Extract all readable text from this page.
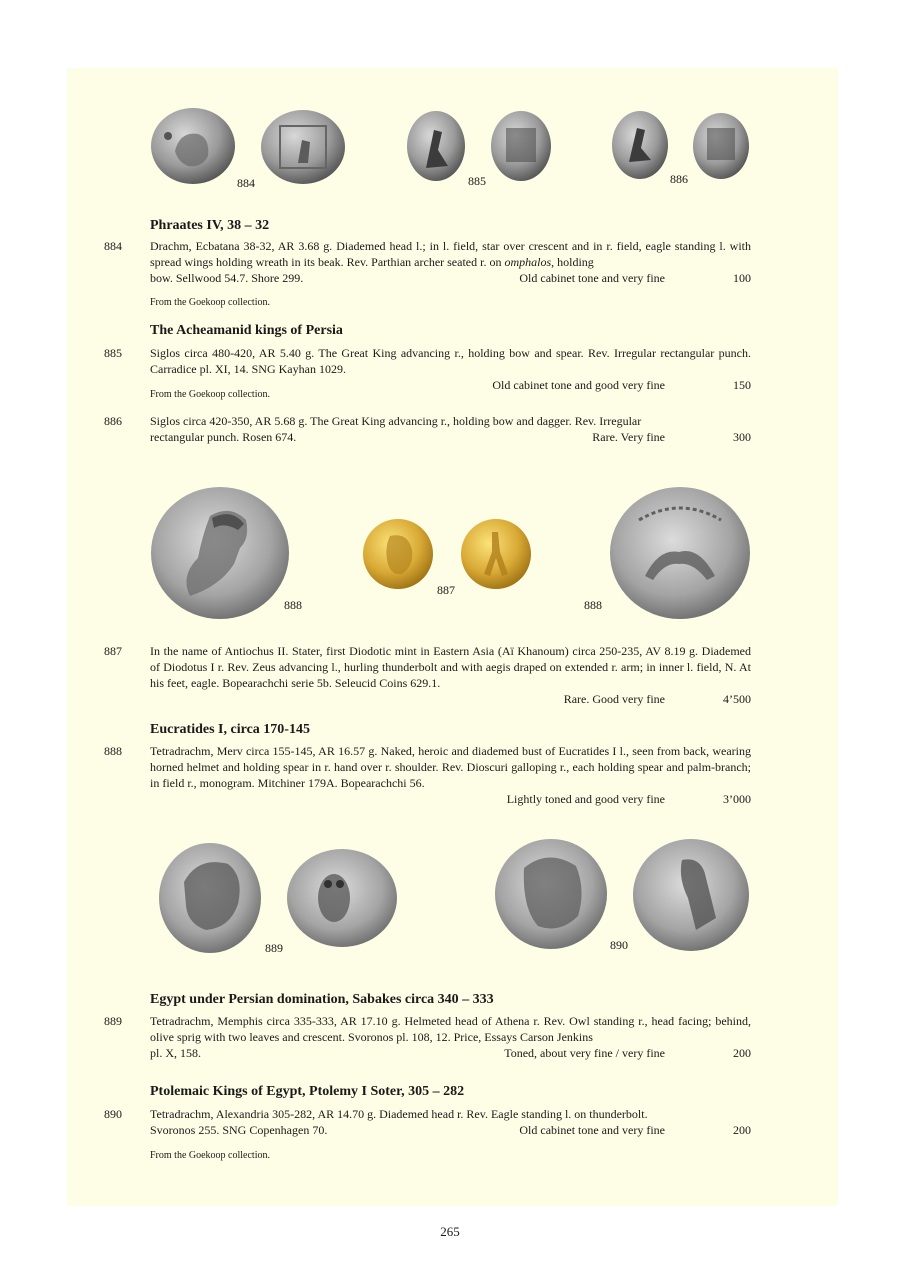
884	885	886
Phraates IV, 38 – 32
884 Drachm, Ecbatana 38-32, AR 3.68 g. Diademed head l.; in l. field, star over crescent and in r. field, eagle standing l. with spread wings holding wreath in its beak. Rev. Parthian archer seated r. on omphalos, holding
bow. Sellwood 54.7. Shore 299.	Old cabinet tone and very fine	100
From the Goekoop collection.
The Acheamanid kings of Persia
885 Siglos circa 480-420, AR 5.40 g. The Great King advancing r., holding bow and spear. Rev. Irregular rectangular punch. Carradice pl. XI, 14. SNG Kayhan 1029.
Old cabinet tone and good very fine	150
From the Goekoop collection.
886 Siglos circa 420-350, AR 5.68 g. The Great King advancing r., holding bow and dagger. Rev. Irregular
rectangular punch. Rosen 674.	Rare. Very fine	300
888
887
888
887 In the name of Antiochus II. Stater, first Diodotic mint in Eastern Asia (Aï Khanoum) circa 250-235, AV 8.19 g. Diademed of Diodotus I r. Rev. Zeus advancing l., hurling thunderbolt and with aegis draped on extended r. arm; in inner l. field, N. At his feet, eagle. Bopearachchi serie 5b. Seleucid Coins 629.1.
Rare. Good very fine	4’500
Eucratides I, circa 170-145
888 Tetradrachm, Merv circa 155-145, AR 16.57 g. Naked, heroic and diademed bust of Eucratides I l., seen from back, wearing horned helmet and holding spear in r. hand over r. shoulder. Rev. Dioscuri galloping r., each holding spear and palm-branch; in field r., monogram. Mitchiner 179A. Bopearachchi 56.
Lightly toned and good very fine	3’000
889	890
Egypt under Persian domination, Sabakes circa 340 – 333
889 Tetradrachm, Memphis circa 335-333, AR 17.10 g. Helmeted head of Athena r. Rev. Owl standing r., head facing; behind, olive sprig with two leaves and crescent. Svoronos pl. 108, 12. Price, Essays Carson Jenkins
pl. X, 158.	Toned, about very fine / very fine	200
Ptolemaic Kings of Egypt, Ptolemy I Soter, 305 – 282
890 Tetradrachm, Alexandria 305-282, AR 14.70 g. Diademed head r. Rev. Eagle standing l. on thunderbolt.
Svoronos 255. SNG Copenhagen 70.	Old cabinet tone and very fine	200
From the Goekoop collection.
265
